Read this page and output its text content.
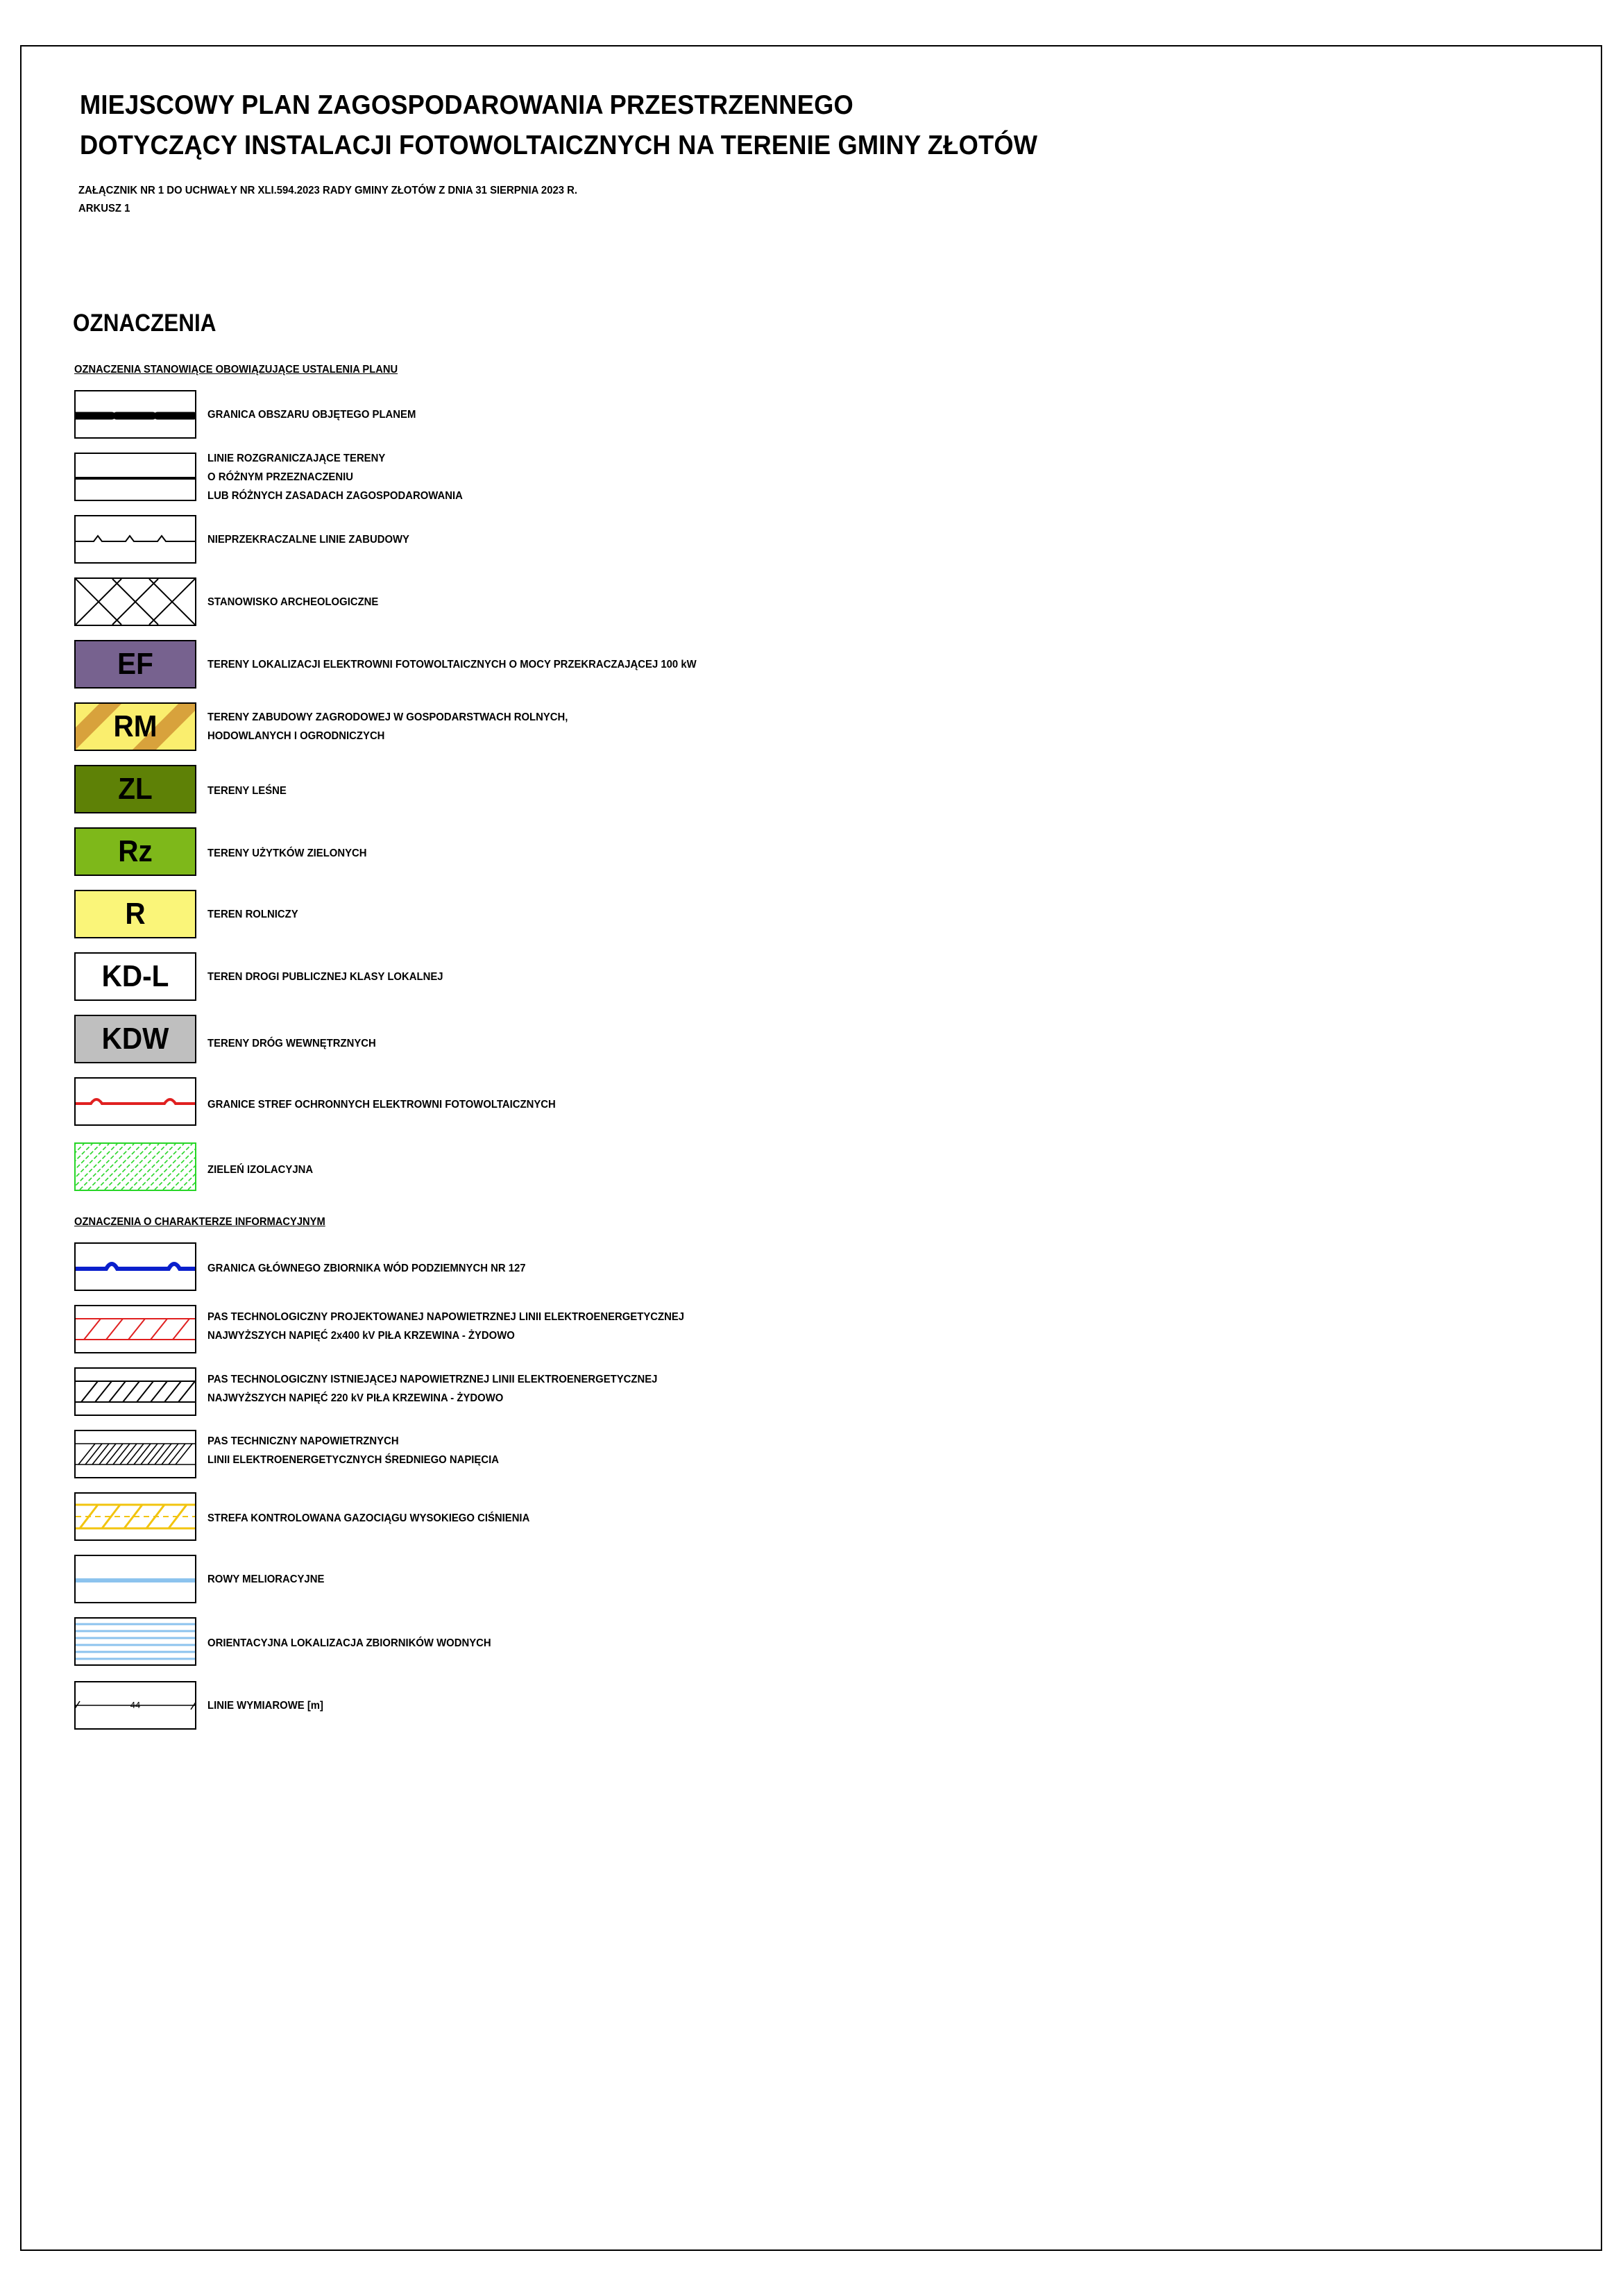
MIEJSCOWY PLAN ZAGOSPODAROWANIA PRZESTRZENNEGO
DOTYCZĄCY INSTALACJI FOTOWOLTAICZNYCH NA TERENIE GMINY ZŁOTÓW
ZAŁĄCZNIK NR 1 DO UCHWAŁY NR XLI.594.2023 RADY GMINY ZŁOTÓW Z DNIA 31 SIERPNIA 2023 R.
ARKUSZ 1
OZNACZENIA
OZNACZENIA STANOWIĄCE OBOWIĄZUJĄCE USTALENIA PLANU
GRANICA OBSZARU OBJĘTEGO PLANEM
LINIE ROZGRANICZAJĄCE TERENY
O RÓŻNYM PRZEZNACZENIU
LUB RÓŻNYCH ZASADACH ZAGOSPODAROWANIA
NIEPRZEKRACZALNE LINIE ZABUDOWY
STANOWISKO ARCHEOLOGICZNE
EF	TERENY LOKALIZACJI ELEKTROWNI FOTOWOLTAICZNYCH O MOCY PRZEKRACZAJĄCEJ 100 kW
RM	TERENY ZABUDOWY ZAGRODOWEJ W GOSPODARSTWACH ROLNYCH,
HODOWLANYCH I OGRODNICZYCH
ZL	TERENY LEŚNE
Rz	TERENY UŻYTKÓW ZIELONYCH
R	TEREN ROLNICZY
KD-L	TEREN DROGI PUBLICZNEJ KLASY LOKALNEJ
KDW	TERENY DRÓG WEWNĘTRZNYCH
GRANICE STREF OCHRONNYCH ELEKTROWNI FOTOWOLTAICZNYCH
ZIELEŃ IZOLACYJNA
OZNACZENIA O CHARAKTERZE INFORMACYJNYM
GRANICA GŁÓWNEGO ZBIORNIKA WÓD PODZIEMNYCH NR 127
PAS TECHNOLOGICZNY PROJEKTOWANEJ NAPOWIETRZNEJ LINII ELEKTROENERGETYCZNEJ
NAJWYŻSZYCH NAPIĘĆ 2x400 kV PIŁA KRZEWINA - ŻYDOWO
PAS TECHNOLOGICZNY ISTNIEJĄCEJ NAPOWIETRZNEJ LINII ELEKTROENERGETYCZNEJ
NAJWYŻSZYCH NAPIĘĆ 220 kV PIŁA KRZEWINA - ŻYDOWO
PAS TECHNICZNY NAPOWIETRZNYCH
LINII ELEKTROENERGETYCZNYCH ŚREDNIEGO NAPIĘCIA
STREFA KONTROLOWANA GAZOCIĄGU WYSOKIEGO CIŚNIENIA
ROWY MELIORACYJNE
ORIENTACYJNA LOKALIZACJA ZBIORNIKÓW WODNYCH
44	LINIE WYMIAROWE [m]
